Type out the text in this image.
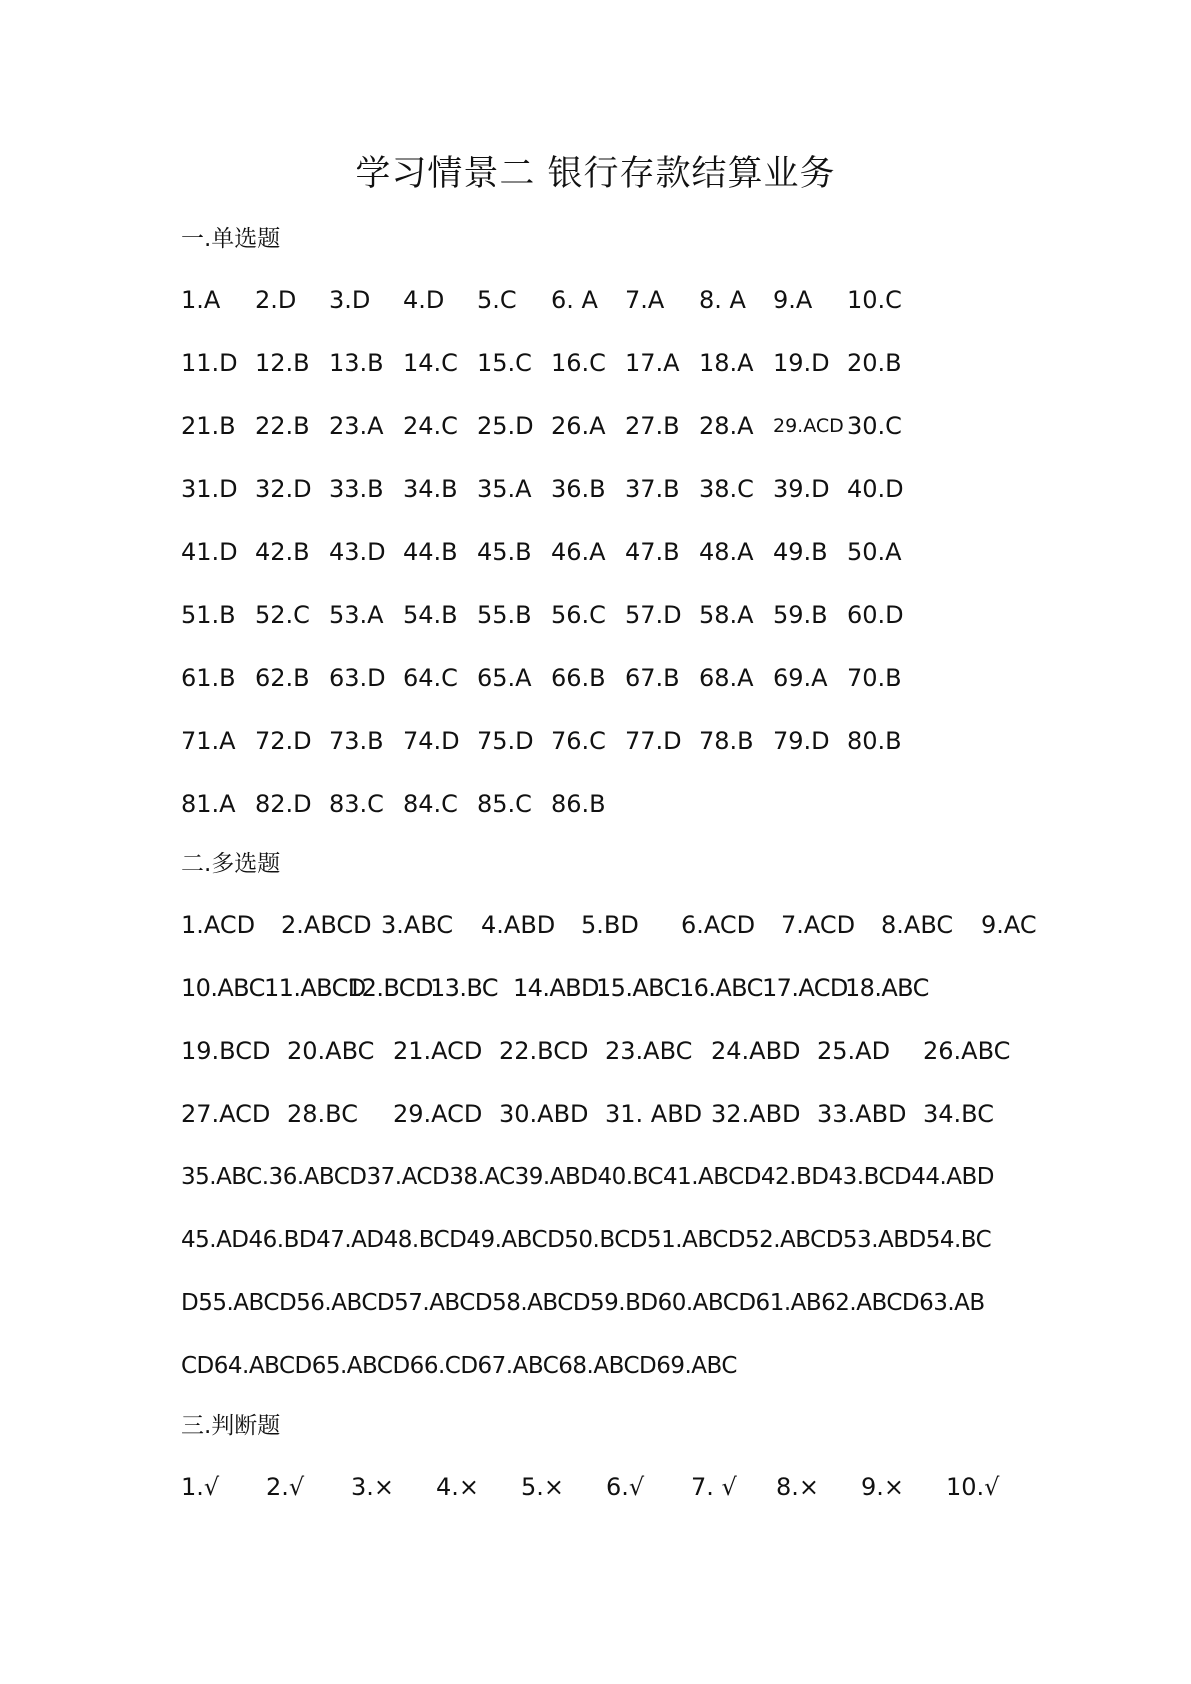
学习情景二 银行存款结算业务
一.单选题
1.A 2.D 3.D 4.D 5.C 6. A 7.A 8. A 9.A 10.C
11.D 12.B 13.B 14.C 15.C 16.C 17.A 18.A 19.D 20.B
21.B 22.B 23.A 24.C 25.D 26.A 27.B 28.A 29.ACD 30.C
31.D 32.D 33.B 34.B 35.A 36.B 37.B 38.C 39.D 40.D
41.D 42.B 43.D 44.B 45.B 46.A 47.B 48.A 49.B 50.A
51.B 52.C 53.A 54.B 55.B 56.C 57.D 58.A 59.B 60.D
61.B 62.B 63.D 64.C 65.A 66.B 67.B 68.A 69.A 70.B
71.A 72.D 73.B 74.D 75.D 76.C 77.D 78.B 79.D 80.B
81.A 82.D 83.C 84.C 85.C 86.B
二.多选题
1.ACD 2.ABCD 3.ABC 4.ABD 5.BD 6.ACD 7.ACD 8.ABC 9.AC
10.ABC11.ABCD12.BCD13.BC 14.ABD15.ABC16.ABC17.ACD18.ABC
19.BCD 20.ABC 21.ACD 22.BCD 23.ABC 24.ABD 25.AD 26.ABC
27.ACD 28.BC 29.ACD 30.ABD 31. ABD 32.ABD 33.ABD 34.BC
35.ABC.36.ABCD37.ACD38.AC39.ABD40.BC41.ABCD42.BD43.BCD44.ABD
45.AD46.BD47.AD48.BCD49.ABCD50.BCD51.ABCD52.ABCD53.ABD54.BC
D55.ABCD56.ABCD57.ABCD58.ABCD59.BD60.ABCD61.AB62.ABCD63.AB
CD64.ABCD65.ABCD66.CD67.ABC68.ABCD69.ABC
三.判断题
1.√ 2.√ 3.× 4.× 5.× 6.√ 7. √ 8.× 9.× 10.√
